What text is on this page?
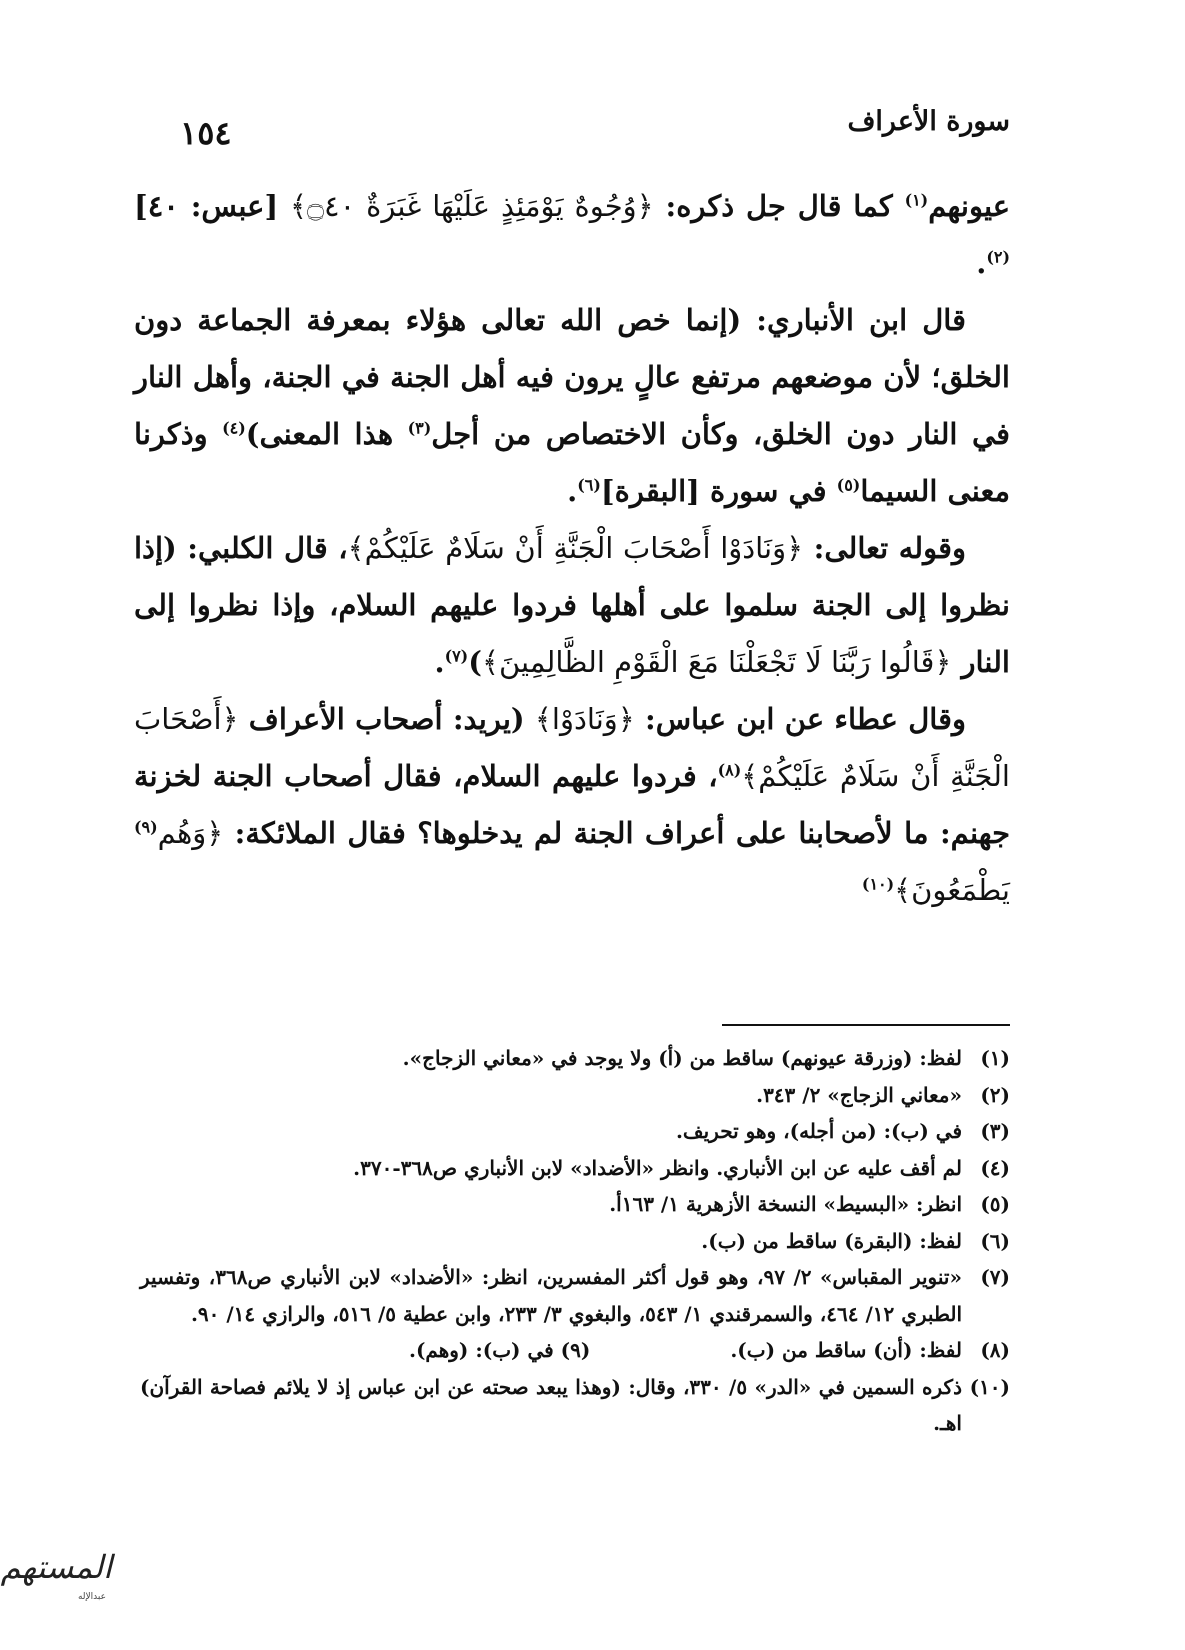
سورة الأعراف
١٥٤

عيونهم$^{(١)}$ كما قال جل ذكره: ﴿وُجُوهٌ يَوْمَئِذٍ عَلَيْهَا غَبَرَةٌ ۝٤٠﴾ [عبس: ٤٠]$^{(٢)}$.

قال ابن الأنباري: (إنما خص الله تعالى هؤلاء بمعرفة الجماعة دون الخلق؛ لأن موضعهم مرتفع عالٍ يرون فيه أهل الجنة في الجنة، وأهل النار في النار دون الخلق، وكأن الاختصاص من أجل$^{(٣)}$ هذا المعنى)$^{(٤)}$ وذكرنا معنى السيما$^{(٥)}$ في سورة [البقرة]$^{(٦)}$.

وقوله تعالى: ﴿وَنَادَوْا أَصْحَابَ الْجَنَّةِ أَنْ سَلَامٌ عَلَيْكُمْ﴾، قال الكلبي: (إذا نظروا إلى الجنة سلموا على أهلها فردوا عليهم السلام، وإذا نظروا إلى النار ﴿قَالُوا رَبَّنَا لَا تَجْعَلْنَا مَعَ الْقَوْمِ الظَّالِمِينَ﴾)$^{(٧)}$.

وقال عطاء عن ابن عباس: ﴿وَنَادَوْا﴾ (يريد: أصحاب الأعراف ﴿أَصْحَابَ الْجَنَّةِ أَنْ سَلَامٌ عَلَيْكُمْ﴾$^{(٨)}$، فردوا عليهم السلام، فقال أصحاب الجنة لخزنة جهنم: ما لأصحابنا على أعراف الجنة لم يدخلوها؟ فقال الملائكة: ﴿وَهُم$^{(٩)}$ يَطْمَعُونَ﴾$^{(١٠)}$

(١)
لفظ: (وزرقة عيونهم) ساقط من (أ) ولا يوجد في «معاني الزجاج».
(٢)
«معاني الزجاج» ٢/ ٣٤٣.
(٣)
في (ب): (من أجله)، وهو تحريف.
(٤)
لم أقف عليه عن ابن الأنباري. وانظر «الأضداد» لابن الأنباري ص٣٦٨-٣٧٠.
(٥)
انظر: «البسيط» النسخة الأزهرية ١/ ١٦٣أ.
(٦)
لفظ: (البقرة) ساقط من (ب).
(٧)
«تنوير المقباس» ٢/ ٩٧، وهو قول أكثر المفسرين، انظر: «الأضداد» لابن الأنباري ص٣٦٨، وتفسير الطبري ١٢/ ٤٦٤، والسمرقندي ١/ ٥٤٣، والبغوي ٣/ ٢٣٣، وابن عطية ٥/ ٥١٦، والرازي ١٤/ ٩٠.
(٨)
لفظ: (أن) ساقط من (ب).(٩) في (ب): (وهم).
(١٠)
ذكره السمين في «الدر» ٥/ ٣٣٠، وقال: (وهذا يبعد صحته عن ابن عباس إذ لا يلائم فصاحة القرآن) اهـ.
المستهم
عبدالإله
